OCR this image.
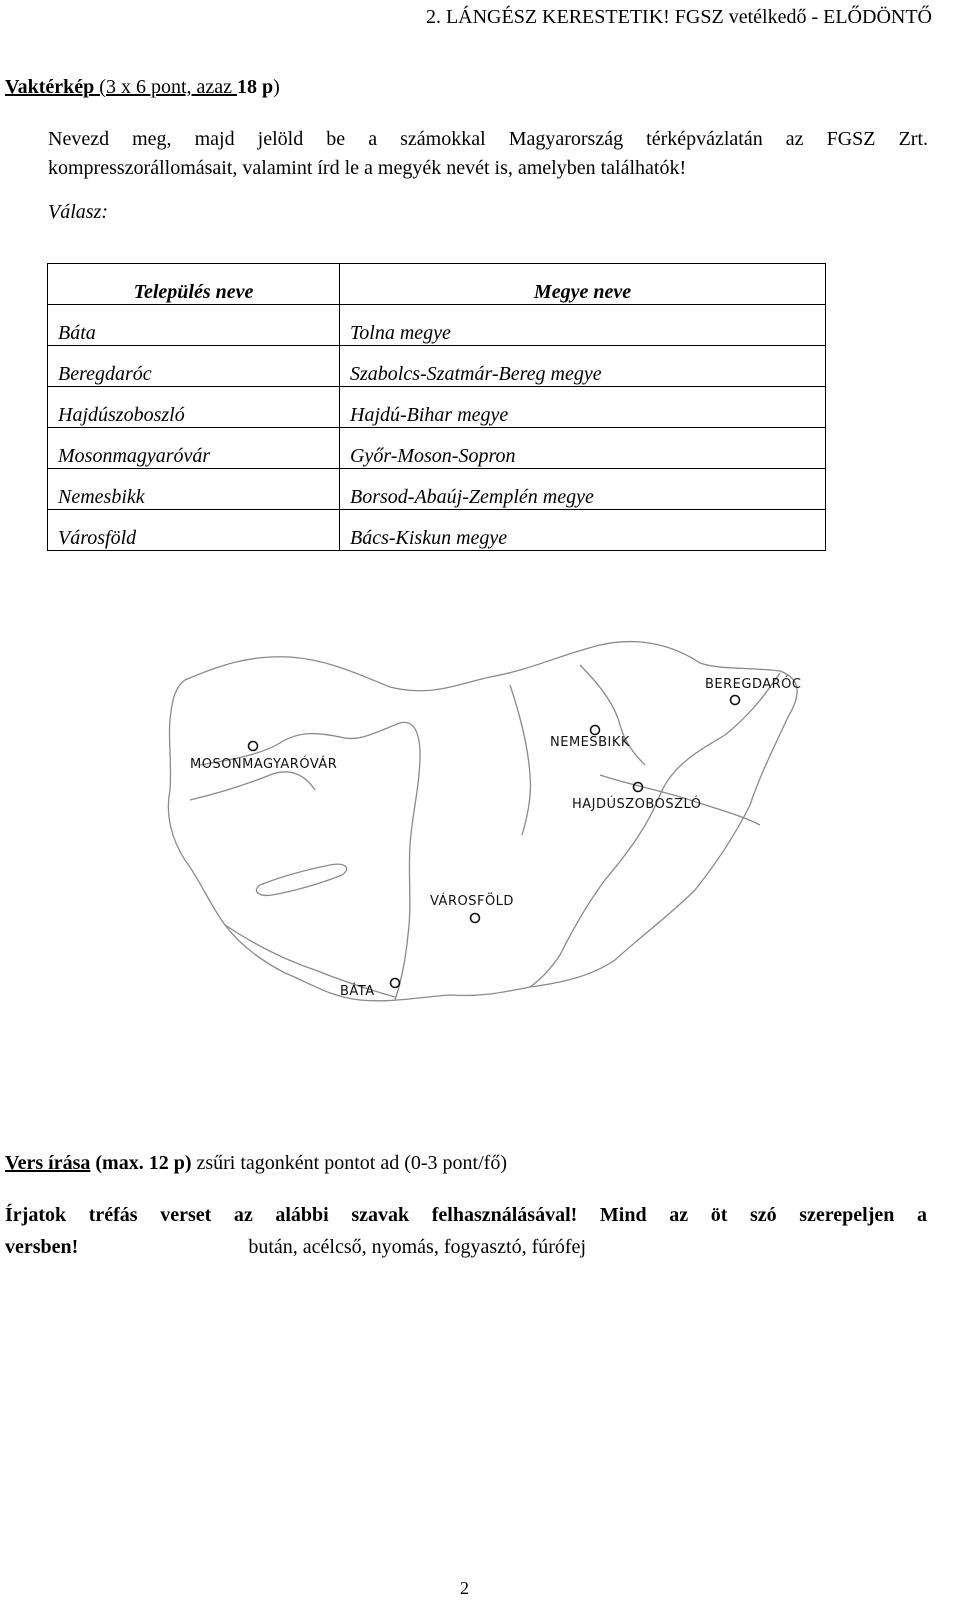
2. LÁNGÉSZ KERESTETIK! FGSZ vetélkedő - ELŐDÖNTŐ
Vaktérkép (3 x 6 pont, azaz 18 p)
Nevezd meg, majd jelöld be a számokkal Magyarország térképvázlatán az FGSZ Zrt.
kompresszorállomásait, valamint írd le a megyék nevét is, amelyben találhatók!
Válasz:
Település neve	Megye neve
Báta	Tolna megye
Beregdaróc	Szabolcs-Szatmár-Bereg megye
Hajdúszoboszló	Hajdú-Bihar megye
Mosonmagyaróvár	Győr-Moson-Sopron
Nemesbikk	Borsod-Abaúj-Zemplén megye
Városföld	Bács-Kiskun megye
MOSONMAGYARÓVÁR
NEMESBIKK
BEREGDARÓC
HAJDÚSZOBOSZLÓ
VÁROSFÖLD
BÁTA
Vers írása (max. 12 p) zsűri tagonként pontot ad (0-3 pont/fő)
Írjatok tréfás verset az alábbi szavak felhasználásával! Mind az öt szó szerepeljen a
versben!	bután, acélcső, nyomás, fogyasztó, fúrófej
2
